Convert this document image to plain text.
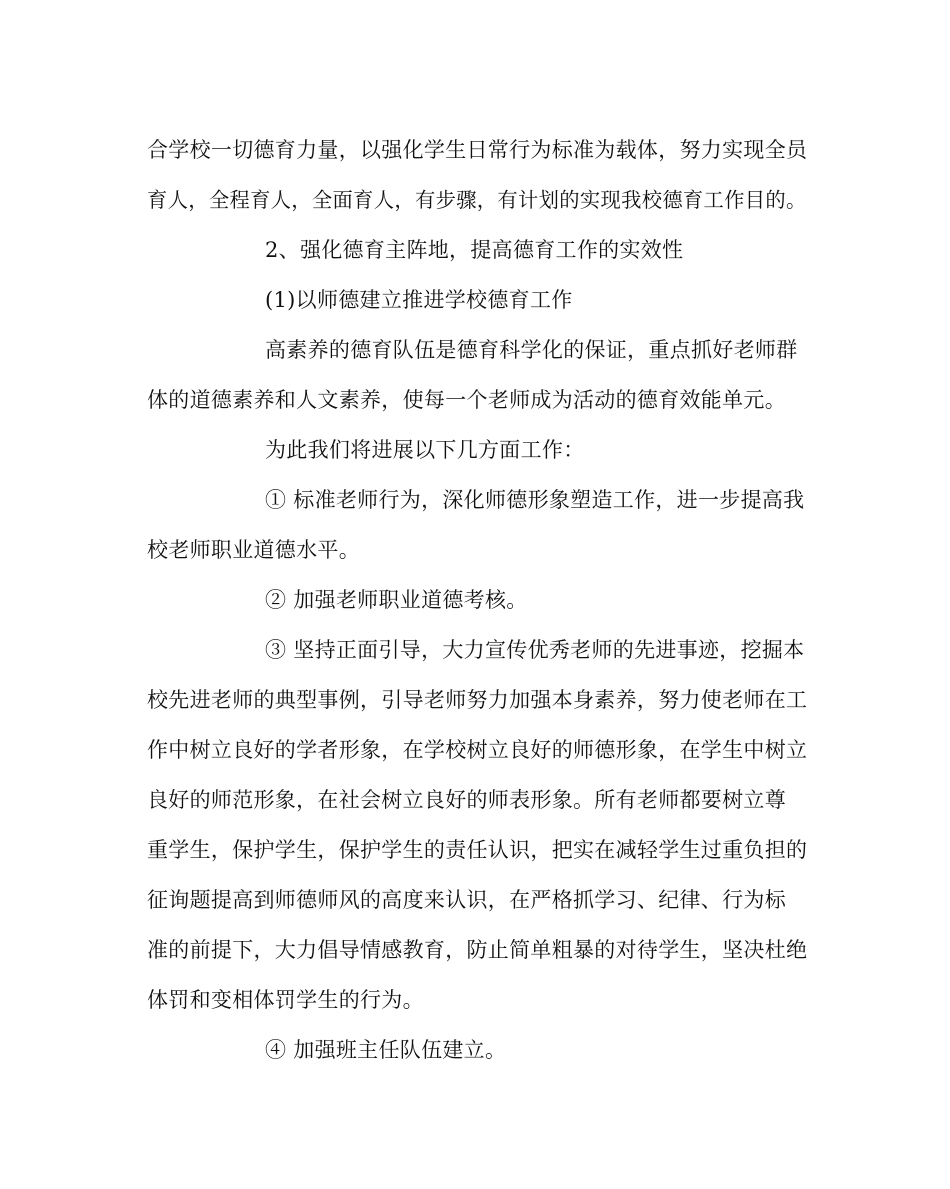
合学校一切德育力量，以强化学生日常行为标准为载体，努力实现全员
育人，全程育人，全面育人，有步骤，有计划的实现我校德育工作目的。
2、强化德育主阵地，提高德育工作的实效性
(1)以师德建立推进学校德育工作
高素养的德育队伍是德育科学化的保证，重点抓好老师群
体的道德素养和人文素养，使每一个老师成为活动的德育效能单元。
为此我们将进展以下几方面工作：
① 标准老师行为，深化师德形象塑造工作，进一步提高我
校老师职业道德水平。
② 加强老师职业道德考核。
③ 坚持正面引导，大力宣传优秀老师的先进事迹，挖掘本
校先进老师的典型事例，引导老师努力加强本身素养，努力使老师在工
作中树立良好的学者形象，在学校树立良好的师德形象，在学生中树立
良好的师范形象，在社会树立良好的师表形象。所有老师都要树立尊
重学生，保护学生，保护学生的责任认识，把实在减轻学生过重负担的
征询题提高到师德师风的高度来认识，在严格抓学习、纪律、行为标
准的前提下，大力倡导情感教育，防止简单粗暴的对待学生，坚决杜绝
体罚和变相体罚学生的行为。
④ 加强班主任队伍建立。
